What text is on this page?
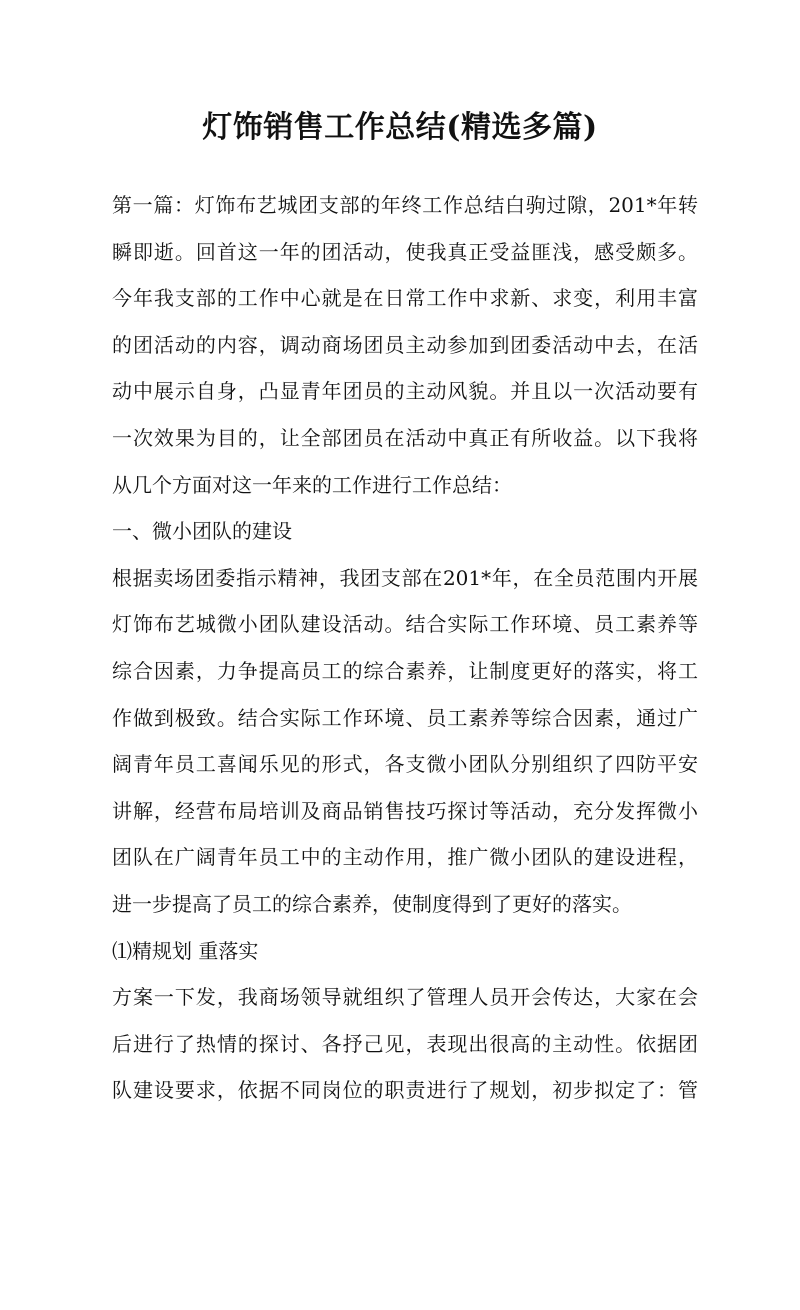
灯饰销售工作总结(精选多篇)
第一篇：灯饰布艺城团支部的年终工作总结白驹过隙，201*年转
瞬即逝。回首这一年的团活动，使我真正受益匪浅，感受颇多。
今年我支部的工作中心就是在日常工作中求新、求变，利用丰富
的团活动的内容，调动商场团员主动参加到团委活动中去，在活
动中展示自身，凸显青年团员的主动风貌。并且以一次活动要有
一次效果为目的，让全部团员在活动中真正有所收益。以下我将
从几个方面对这一年来的工作进行工作总结：
一、微小团队的建设
根据卖场团委指示精神，我团支部在201*年，在全员范围内开展
灯饰布艺城微小团队建设活动。结合实际工作环境、员工素养等
综合因素，力争提高员工的综合素养，让制度更好的落实，将工
作做到极致。结合实际工作环境、员工素养等综合因素，通过广
阔青年员工喜闻乐见的形式，各支微小团队分别组织了四防平安
讲解，经营布局培训及商品销售技巧探讨等活动，充分发挥微小
团队在广阔青年员工中的主动作用，推广微小团队的建设进程，
进一步提高了员工的综合素养，使制度得到了更好的落实。
⑴精规划 重落实
方案一下发，我商场领导就组织了管理人员开会传达，大家在会
后进行了热情的探讨、各抒己见，表现出很高的主动性。依据团
队建设要求，依据不同岗位的职责进行了规划，初步拟定了：管
